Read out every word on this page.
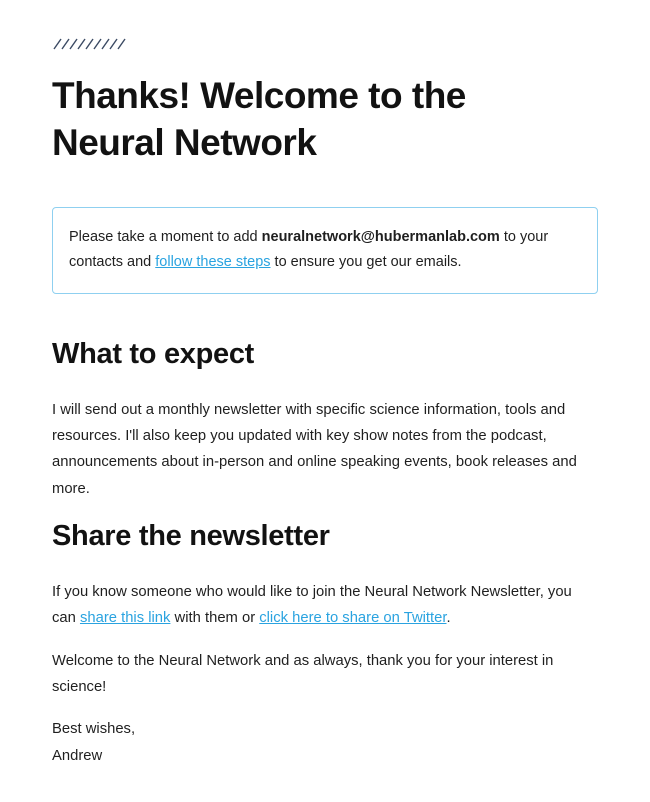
Thanks! Welcome to the Neural Network
Please take a moment to add neuralnetwork@hubermanlab.com to your contacts and follow these steps to ensure you get our emails.
What to expect

I will send out a monthly newsletter with specific science information, tools and resources. I'll also keep you updated with key show notes from the podcast, announcements about in-person and online speaking events, book releases and more.

Share the newsletter

If you know someone who would like to join the Neural Network Newsletter, you can share this link with them or click here to share on Twitter.

Welcome to the Neural Network and as always, thank you for your interest in science!

Best wishes,
Andrew
